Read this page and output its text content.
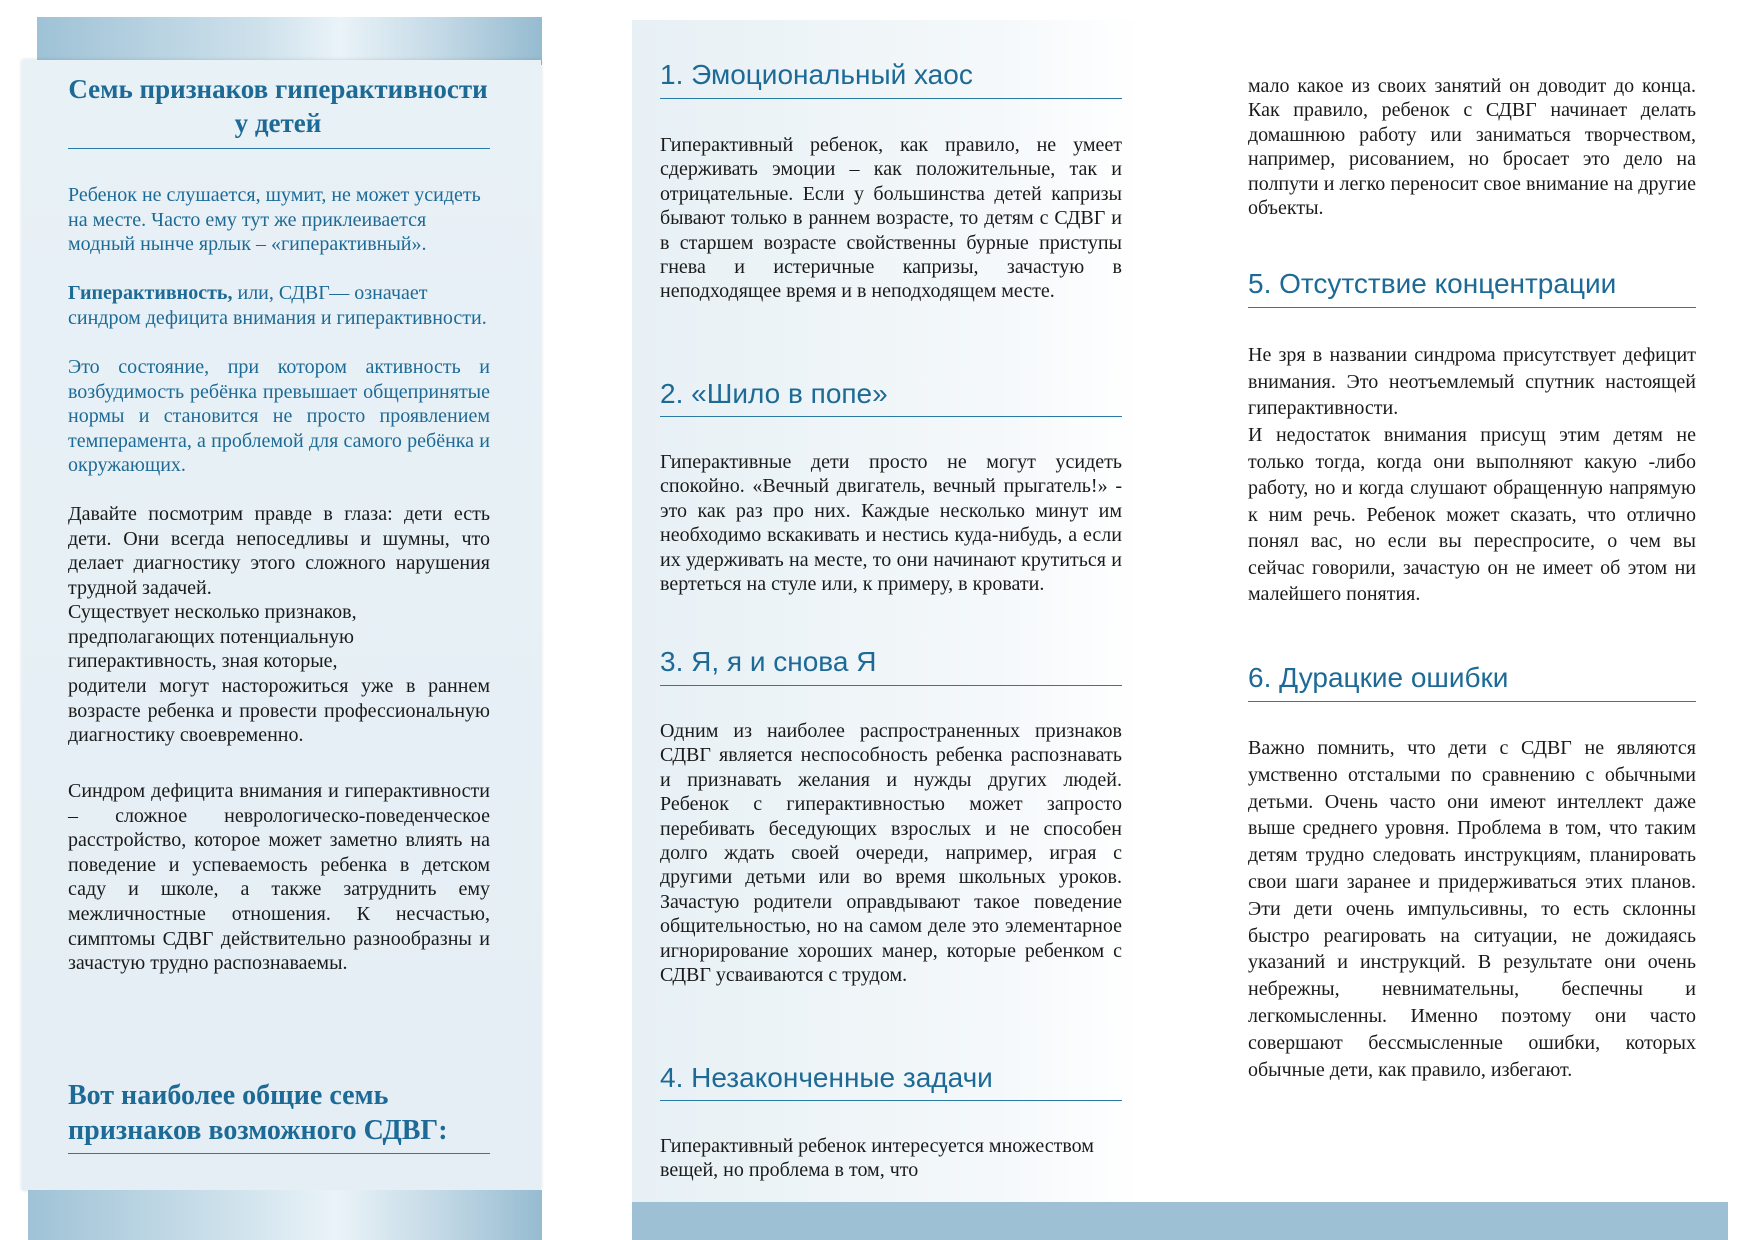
Семь признаков гиперактивности у детей
Ребенок не слушается, шумит, не может усидеть на месте. Часто ему тут же приклеивается модный нынче ярлык – «гиперактивный».
Гиперактивность, или, СДВГ— означает синдром дефицита внимания и гиперактивности.
Это состояние, при котором активность и возбудимость ребёнка превышает общепринятые нормы и становится не просто проявлением темперамента, а проблемой для самого ребёнка и окружающих.
Давайте посмотрим правде в глаза: дети есть дети. Они всегда непоседливы и шумны, что делает диагностику этого сложного нарушения трудной задачей.
Существует несколько признаков, предполагающих потенциальную гиперактивность, зная которые,
родители могут насторожиться уже в раннем возрасте ребенка и провести профессиональную диагностику своевременно.
Синдром дефицита внимания и гиперактивности – сложное неврологическо-поведенческое расстройство, которое может заметно влиять на поведение и успеваемость ребенка в детском саду и школе, а также затруднить ему межличностные отношения. К несчастью, симптомы СДВГ действительно разнообразны и зачастую трудно распознаваемы.
Вот наиболее общие семь признаков возможного СДВГ:
1. Эмоциональный хаос
Гиперактивный ребенок, как правило, не умеет сдерживать эмоции – как положительные, так и отрицательные. Если у большинства детей капризы бывают только в раннем возрасте, то детям с СДВГ и в старшем возрасте свойственны бурные приступы гнева и истеричные капризы, зачастую в неподходящее время и в неподходящем месте.
2. «Шило в попе»
Гиперактивные дети просто не могут усидеть спокойно. «Вечный двигатель, вечный прыгатель!» - это как раз про них. Каждые несколько минут им необходимо вскакивать и нестись куда-нибудь, а если их удерживать на месте, то они начинают крутиться и вертеться на стуле или, к примеру, в кровати.
3. Я, я и снова Я
Одним из наиболее распространенных признаков СДВГ является неспособность ребенка распознавать и признавать желания и нужды других людей. Ребенок с гиперактивностью может запросто перебивать беседующих взрослых и не способен долго ждать своей очереди, например, играя с другими детьми или во время школьных уроков. Зачастую родители оправдывают такое поведение общительностью, но на самом деле это элементарное игнорирование хороших манер, которые ребенком с СДВГ усваиваются с трудом.
4. Незаконченные задачи
Гиперактивный ребенок интересуется множеством вещей, но проблема в том, что
мало какое из своих занятий он доводит до конца. Как правило, ребенок с СДВГ начинает делать домашнюю работу или заниматься творчеством, например, рисованием, но бросает это дело на полпути и легко переносит свое внимание на другие объекты.
5. Отсутствие концентрации
Не зря в названии синдрома присутствует дефицит внимания. Это неотъемлемый спутник настоящей гиперактивности.
И недостаток внимания присущ этим детям не только тогда, когда они выполняют какую -либо работу, но и когда слушают обращенную напрямую к ним речь. Ребенок может сказать, что отлично понял вас, но если вы переспросите, о чем вы сейчас говорили, зачастую он не имеет об этом ни малейшего понятия.
6. Дурацкие ошибки
Важно помнить, что дети с СДВГ не являются умственно отсталыми по сравнению с обычными детьми. Очень часто они имеют интеллект даже выше среднего уровня. Проблема в том, что таким детям трудно следовать инструкциям, планировать свои шаги заранее и придерживаться этих планов. Эти дети очень импульсивны, то есть склонны быстро реагировать на ситуации, не дожидаясь указаний и инструкций. В результате они очень небрежны, невнимательны, беспечны и легкомысленны. Именно поэтому они часто совершают бессмысленные ошибки, которых обычные дети, как правило, избегают.
